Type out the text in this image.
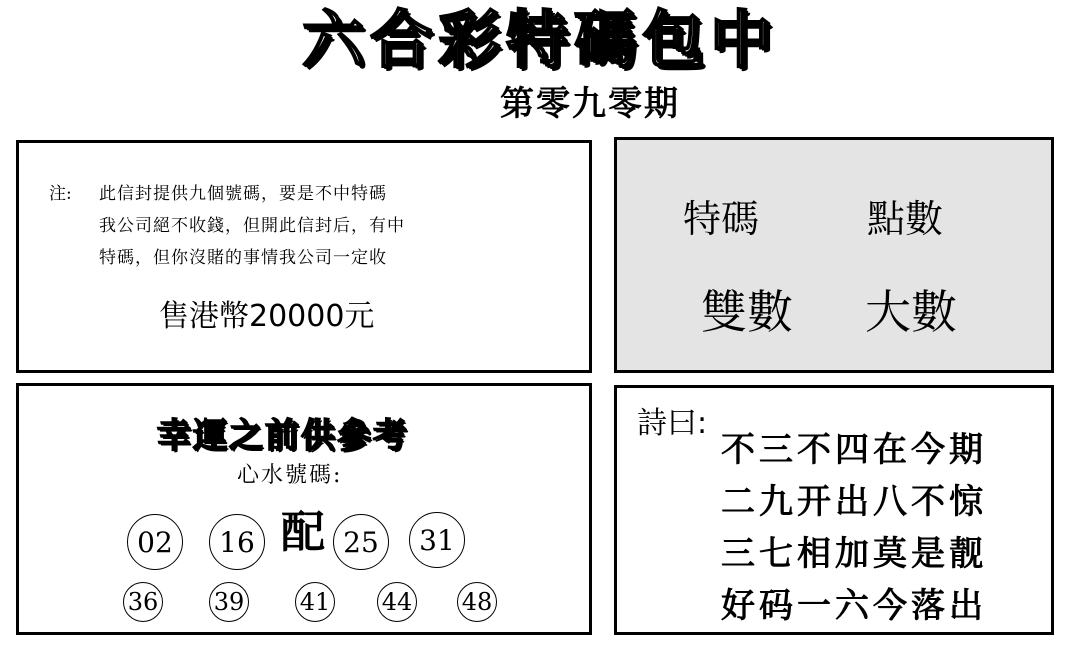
六合彩特碼包中
第零九零期
注: 此信封提供九個號碼，要是不中特碼
我公司絕不收錢，但開此信封后，有中
特碼，但你沒賭的事情我公司一定收
售港幣20000元
特碼	點數
雙數 大數
幸運之前供參考
心水號碼:
配
02	16	25	31
36 39 41 44 48
詩曰:
不三不四在今期
二九开出八不惊
三七相加莫是靓
好码一六今落出
